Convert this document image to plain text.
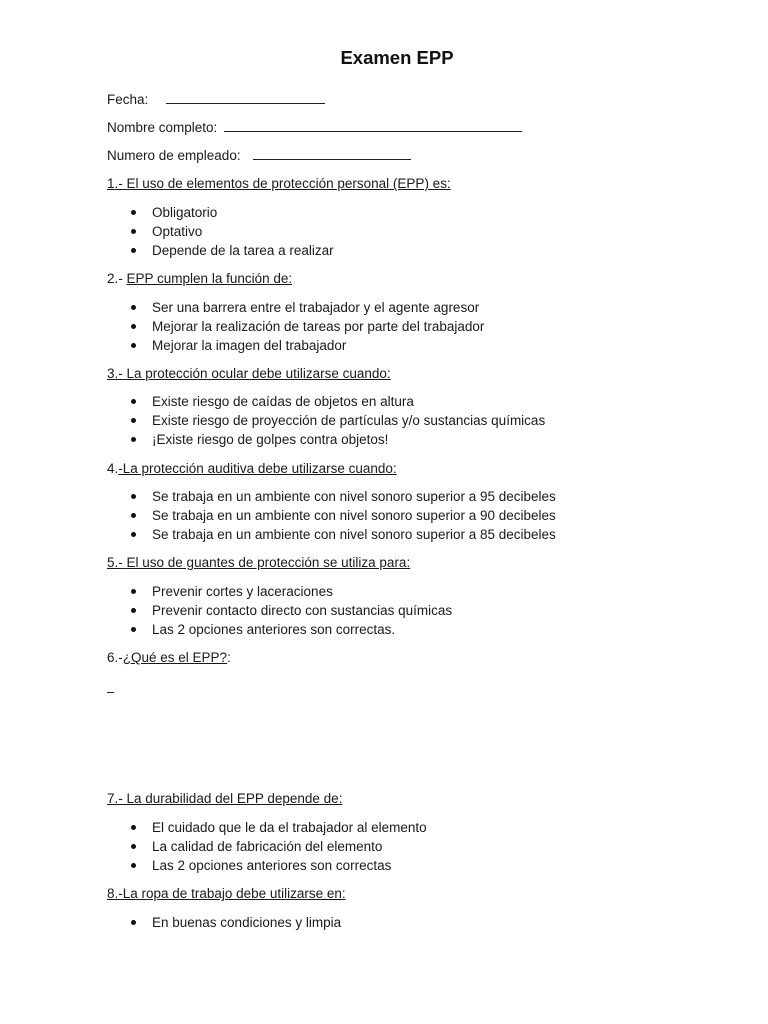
Examen EPP
Fecha:
Nombre completo:
Numero de empleado:
1.- El uso de elementos de protección personal (EPP) es:
Obligatorio
Optativo
Depende de la tarea a realizar
2.- EPP cumplen la función de:
Ser una barrera entre el trabajador y el agente agresor
Mejorar la realización de tareas por parte del trabajador
Mejorar la imagen del trabajador
3.- La protección ocular debe utilizarse cuando:
Existe riesgo de caídas de objetos en altura
Existe riesgo de proyección de partículas y/o sustancias químicas
¡Existe riesgo de golpes contra objetos!
4.-La protección auditiva debe utilizarse cuando:
Se trabaja en un ambiente con nivel sonoro superior a 95 decibeles
Se trabaja en un ambiente con nivel sonoro superior a 90 decibeles
Se trabaja en un ambiente con nivel sonoro superior a 85 decibeles
5.- El uso de guantes de protección se utiliza para:
Prevenir cortes y laceraciones
Prevenir contacto directo con sustancias químicas
Las 2 opciones anteriores son correctas.
6.-¿Qué es el EPP?:
7.- La durabilidad del EPP depende de:
El cuidado que le da el trabajador al elemento
La calidad de fabricación del elemento
Las 2 opciones anteriores son correctas
8.-La ropa de trabajo debe utilizarse en:
En buenas condiciones y limpia
